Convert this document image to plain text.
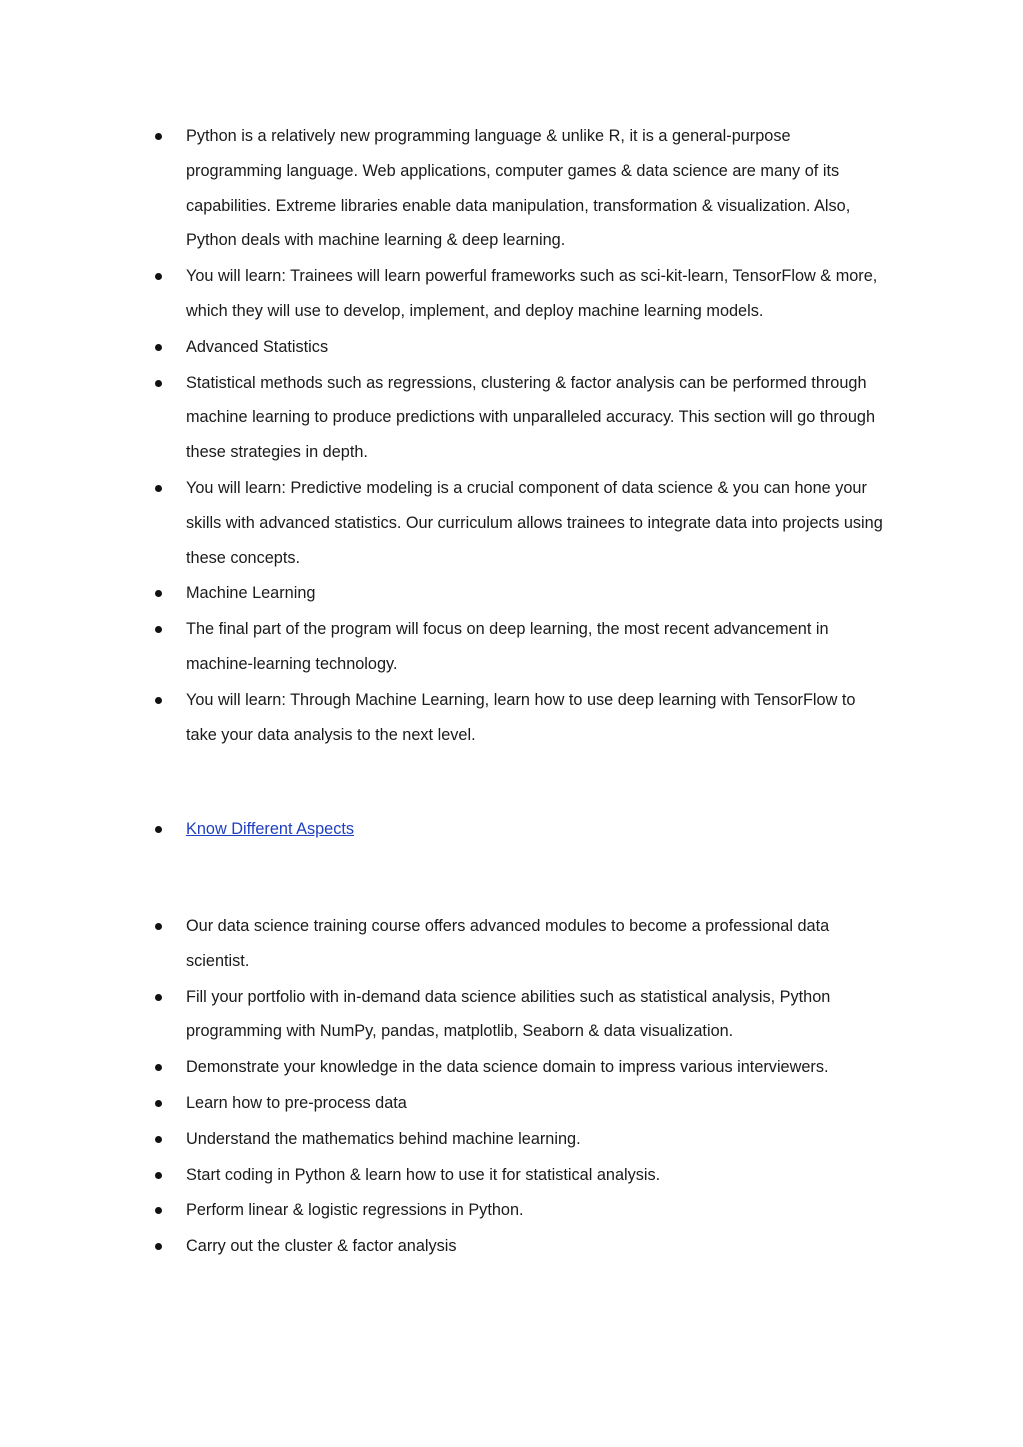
Python is a relatively new programming language & unlike R, it is a general-purpose programming language. Web applications, computer games & data science are many of its capabilities. Extreme libraries enable data manipulation, transformation & visualization. Also, Python deals with machine learning & deep learning.
You will learn: Trainees will learn powerful frameworks such as sci-kit-learn, TensorFlow & more, which they will use to develop, implement, and deploy machine learning models.
Advanced Statistics
Statistical methods such as regressions, clustering & factor analysis can be performed through machine learning to produce predictions with unparalleled accuracy. This section will go through these strategies in depth.
You will learn: Predictive modeling is a crucial component of data science & you can hone your skills with advanced statistics. Our curriculum allows trainees to integrate data into projects using these concepts.
Machine Learning
The final part of the program will focus on deep learning, the most recent advancement in machine-learning technology.
You will learn: Through Machine Learning, learn how to use deep learning with TensorFlow to take your data analysis to the next level.
Know Different Aspects
Our data science training course offers advanced modules to become a professional data scientist.
Fill your portfolio with in-demand data science abilities such as statistical analysis, Python programming with NumPy, pandas, matplotlib, Seaborn & data visualization.
Demonstrate your knowledge in the data science domain to impress various interviewers.
Learn how to pre-process data
Understand the mathematics behind machine learning.
Start coding in Python & learn how to use it for statistical analysis.
Perform linear & logistic regressions in Python.
Carry out the cluster & factor analysis
